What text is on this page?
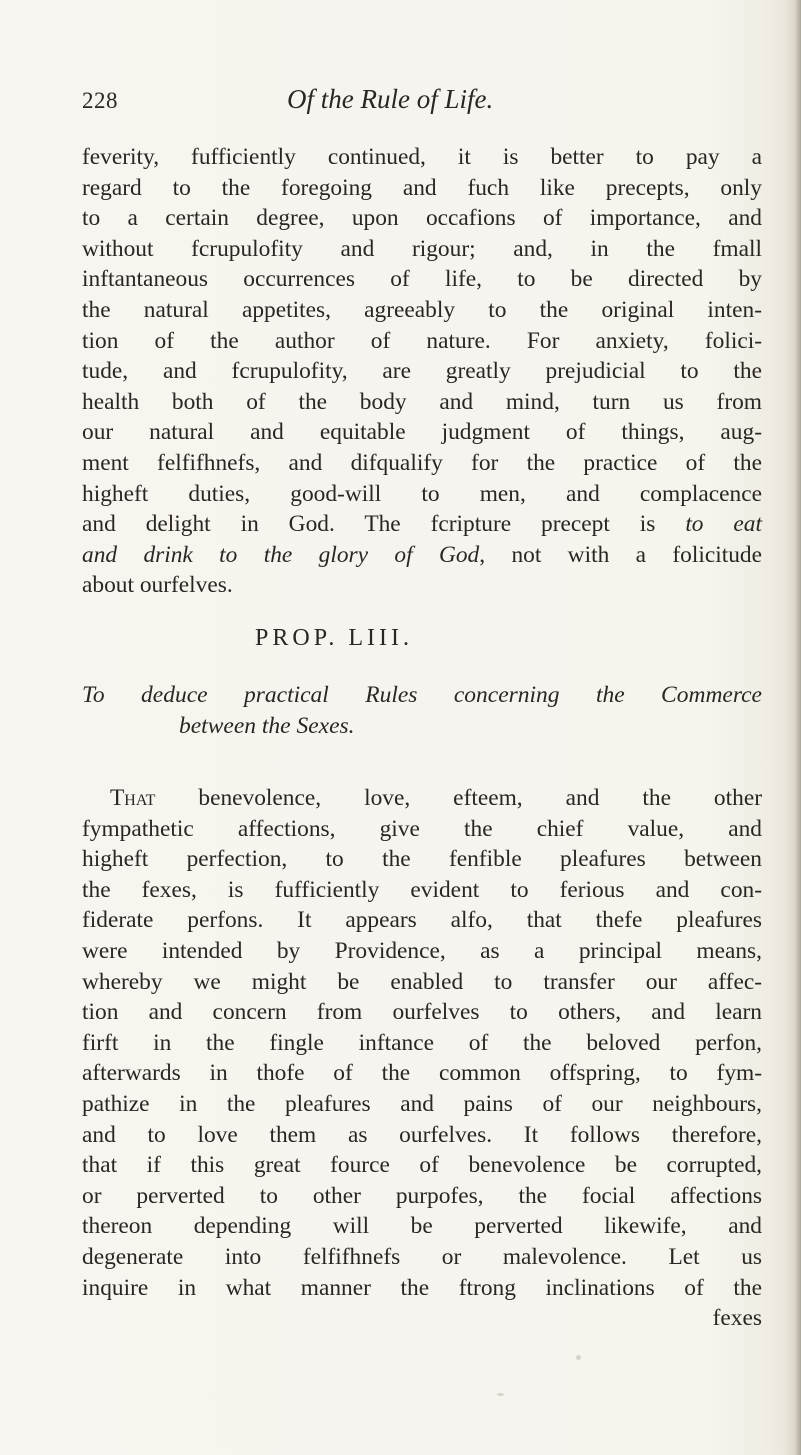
228	Of the Rule of Life.
feverity, fufficiently continued, it is better to pay a
regard to the foregoing and fuch like precepts, only
to a certain degree, upon occafions of importance, and
without fcrupulofity and rigour; and, in the fmall
inftantaneous occurrences of life, to be directed by
the natural appetites, agreeably to the original inten-
tion of the author of nature. For anxiety, folici-
tude, and fcrupulofity, are greatly prejudicial to the
health both of the body and mind, turn us from
our natural and equitable judgment of things, aug-
ment felfifhnefs, and difqualify for the practice of the
higheft duties, good-will to men, and complacence
and delight in God. The fcripture precept is to eat
and drink to the glory of God, not with a folicitude
about ourfelves.
PROP. LIII.
To deduce practical Rules concerning the Commerce
between the Sexes.
That benevolence, love, efteem, and the other
fympathetic affections, give the chief value, and
higheft perfection, to the fenfible pleafures between
the fexes, is fufficiently evident to ferious and con-
fiderate perfons. It appears alfo, that thefe pleafures
were intended by Providence, as a principal means,
whereby we might be enabled to transfer our affec-
tion and concern from ourfelves to others, and learn
firft in the fingle inftance of the beloved perfon,
afterwards in thofe of the common offspring, to fym-
pathize in the pleafures and pains of our neighbours,
and to love them as ourfelves. It follows therefore,
that if this great fource of benevolence be corrupted,
or perverted to other purpofes, the focial affections
thereon depending will be perverted likewife, and
degenerate into felfifhnefs or malevolence. Let us
inquire in what manner the ftrong inclinations of the
fexes
